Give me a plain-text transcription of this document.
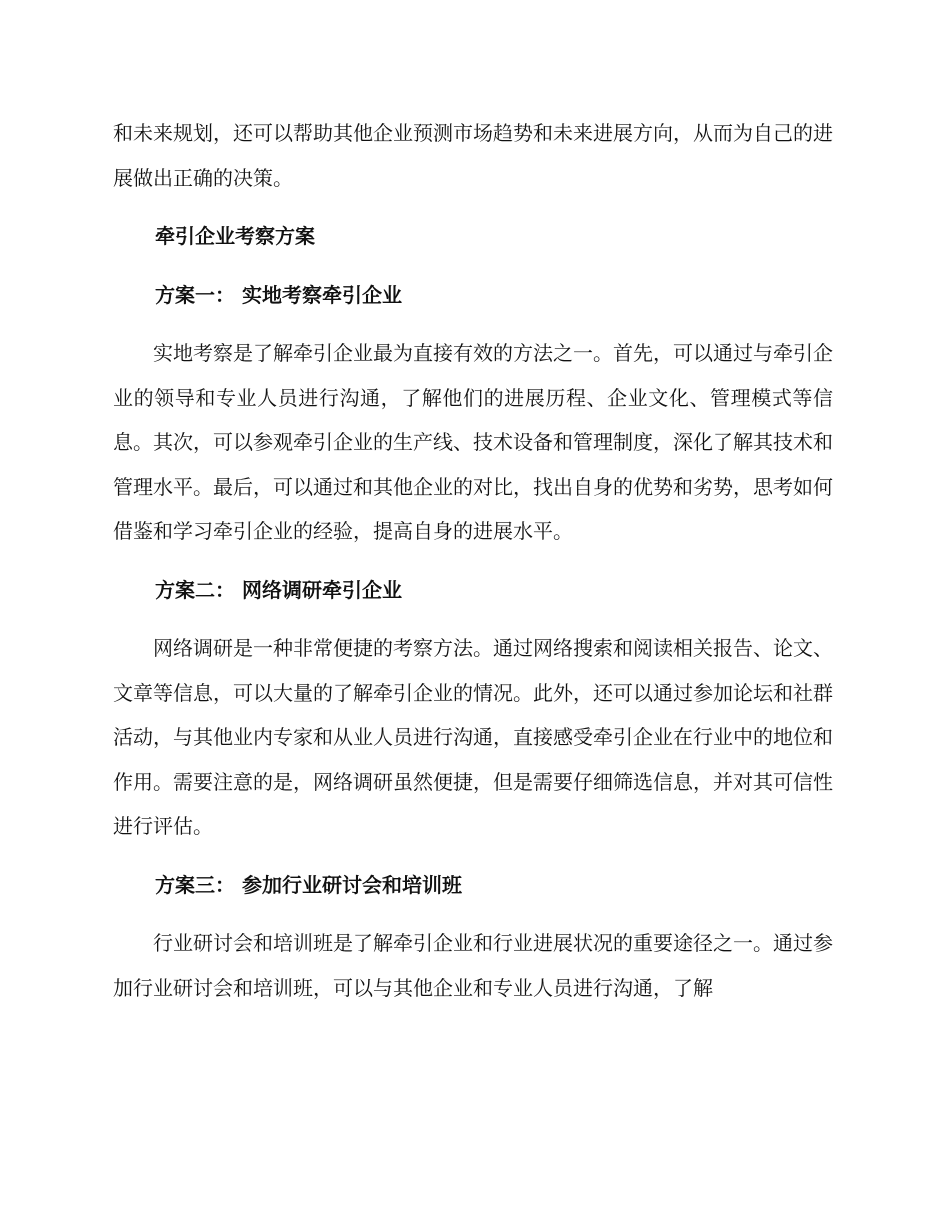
和未来规划，还可以帮助其他企业预测市场趋势和未来进展方向，从而为自己的进展做出正确的决策。

牵引企业考察方案

方案一： 实地考察牵引企业

实地考察是了解牵引企业最为直接有效的方法之一。首先，可以通过与牵引企业的领导和专业人员进行沟通，了解他们的进展历程、企业文化、管理模式等信息。其次，可以参观牵引企业的生产线、技术设备和管理制度，深化了解其技术和管理水平。最后，可以通过和其他企业的对比，找出自身的优势和劣势，思考如何借鉴和学习牵引企业的经验，提高自身的进展水平。

方案二： 网络调研牵引企业

网络调研是一种非常便捷的考察方法。通过网络搜索和阅读相关报告、论文、文章等信息，可以大量的了解牵引企业的情况。此外，还可以通过参加论坛和社群活动，与其他业内专家和从业人员进行沟通，直接感受牵引企业在行业中的地位和作用。需要注意的是，网络调研虽然便捷，但是需要仔细筛选信息，并对其可信性进行评估。

方案三： 参加行业研讨会和培训班

行业研讨会和培训班是了解牵引企业和行业进展状况的重要途径之一。通过参加行业研讨会和培训班，可以与其他企业和专业人员进行沟通，了解
